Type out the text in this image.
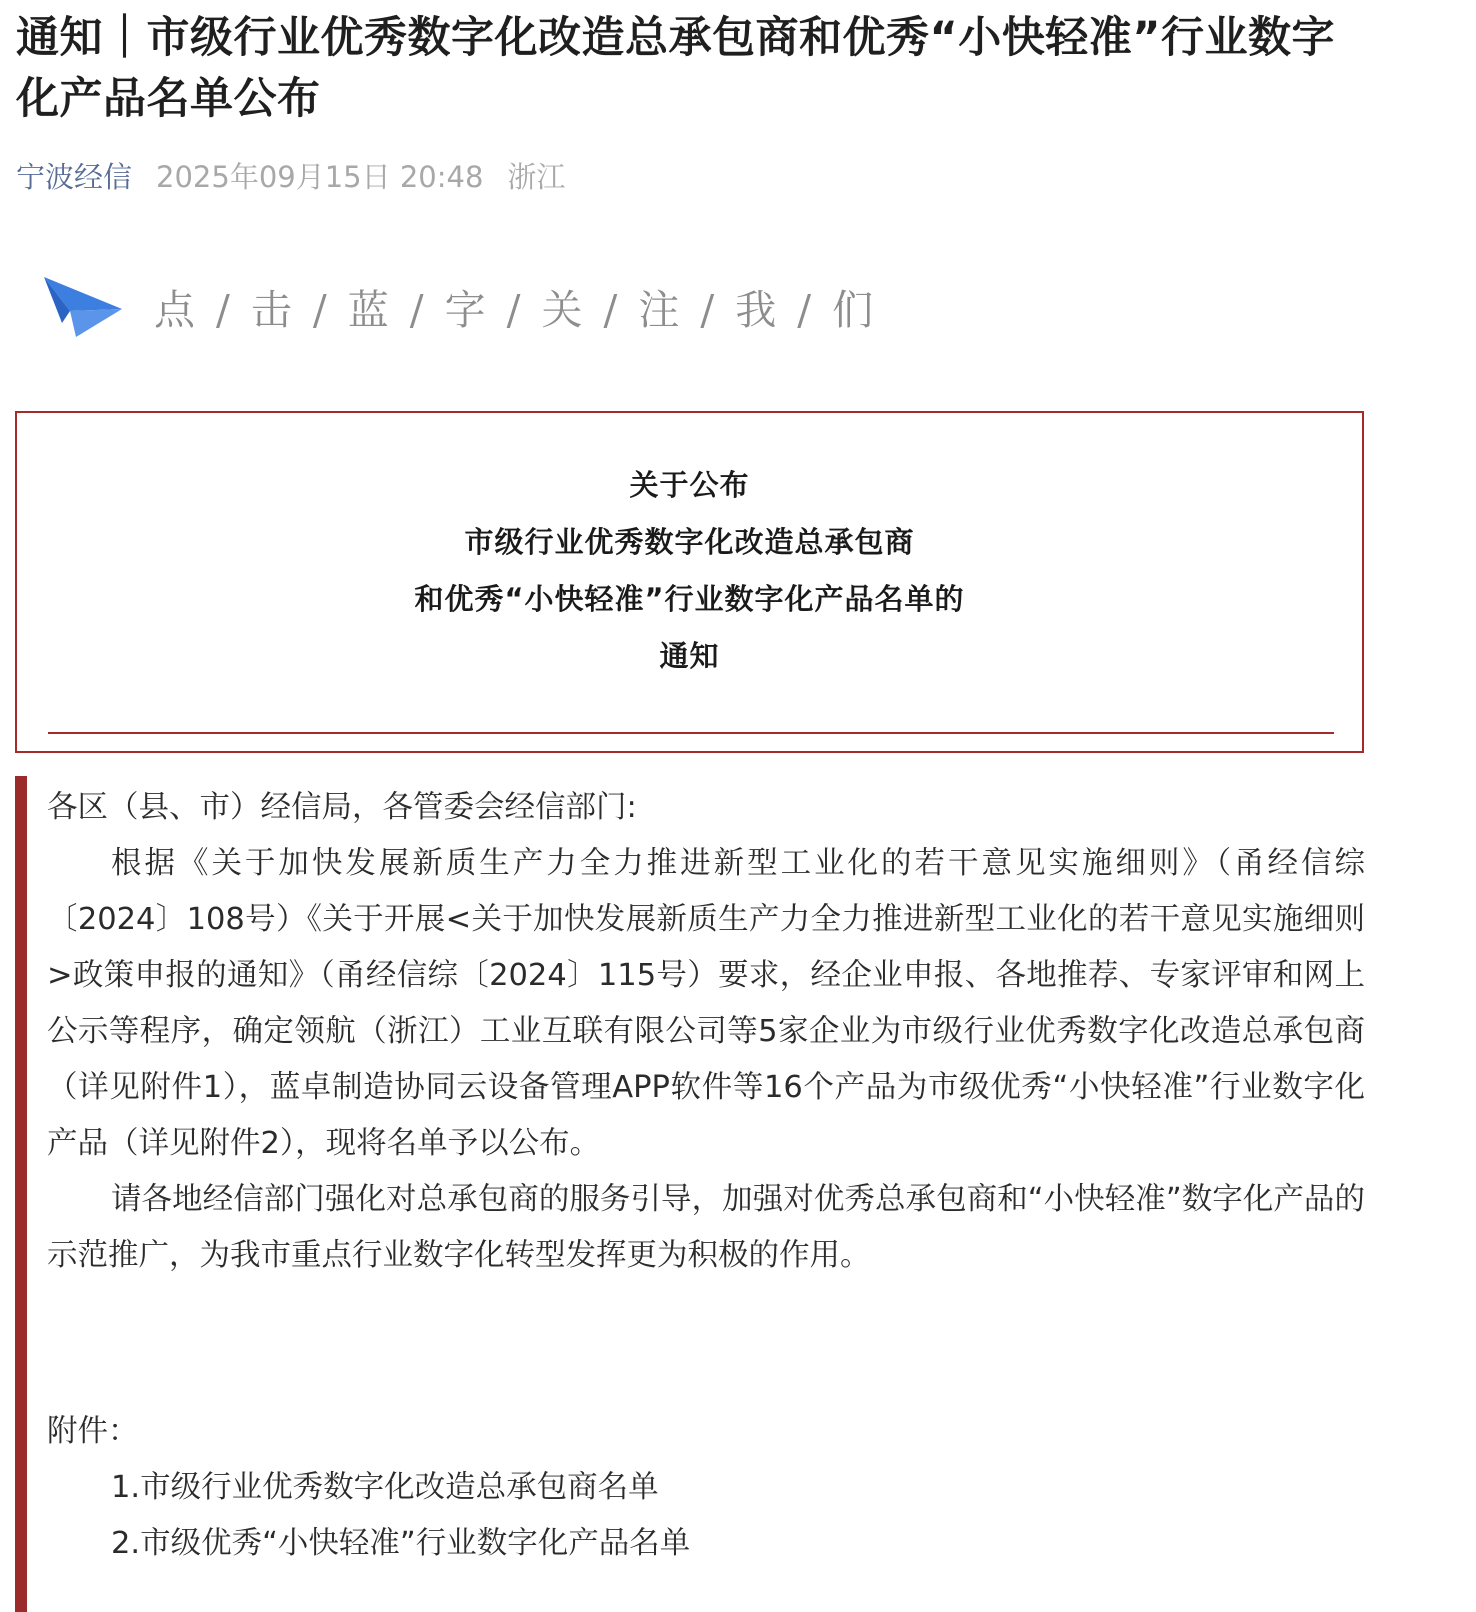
通知｜市级行业优秀数字化改造总承包商和优秀“小快轻准”行业数字化产品名单公布
宁波经信 2025年09月15日 20:48 浙江
点 / 击 / 蓝 / 字 / 关 / 注 / 我 / 们
关于公布
市级行业优秀数字化改造总承包商
和优秀“小快轻准”行业数字化产品名单的
通知
各区（县、市）经信局，各管委会经信部门:

根据《关于加快发展新质生产力全力推进新型工业化的若干意见实施细则》（甬经信综〔2024〕108号）《关于开展<关于加快发展新质生产力全力推进新型工业化的若干意见实施细则>政策申报的通知》（甬经信综〔2024〕115号）要求，经企业申报、各地推荐、专家评审和网上公示等程序，确定领航（浙江）工业互联有限公司等5家企业为市级行业优秀数字化改造总承包商（详见附件1），蓝卓制造协同云设备管理APP软件等16个产品为市级优秀“小快轻准”行业数字化产品（详见附件2），现将名单予以公布。

请各地经信部门强化对总承包商的服务引导，加强对优秀总承包商和“小快轻准”数字化产品的示范推广，为我市重点行业数字化转型发挥更为积极的作用。

附件：
1.市级行业优秀数字化改造总承包商名单
2.市级优秀“小快轻准”行业数字化产品名单
